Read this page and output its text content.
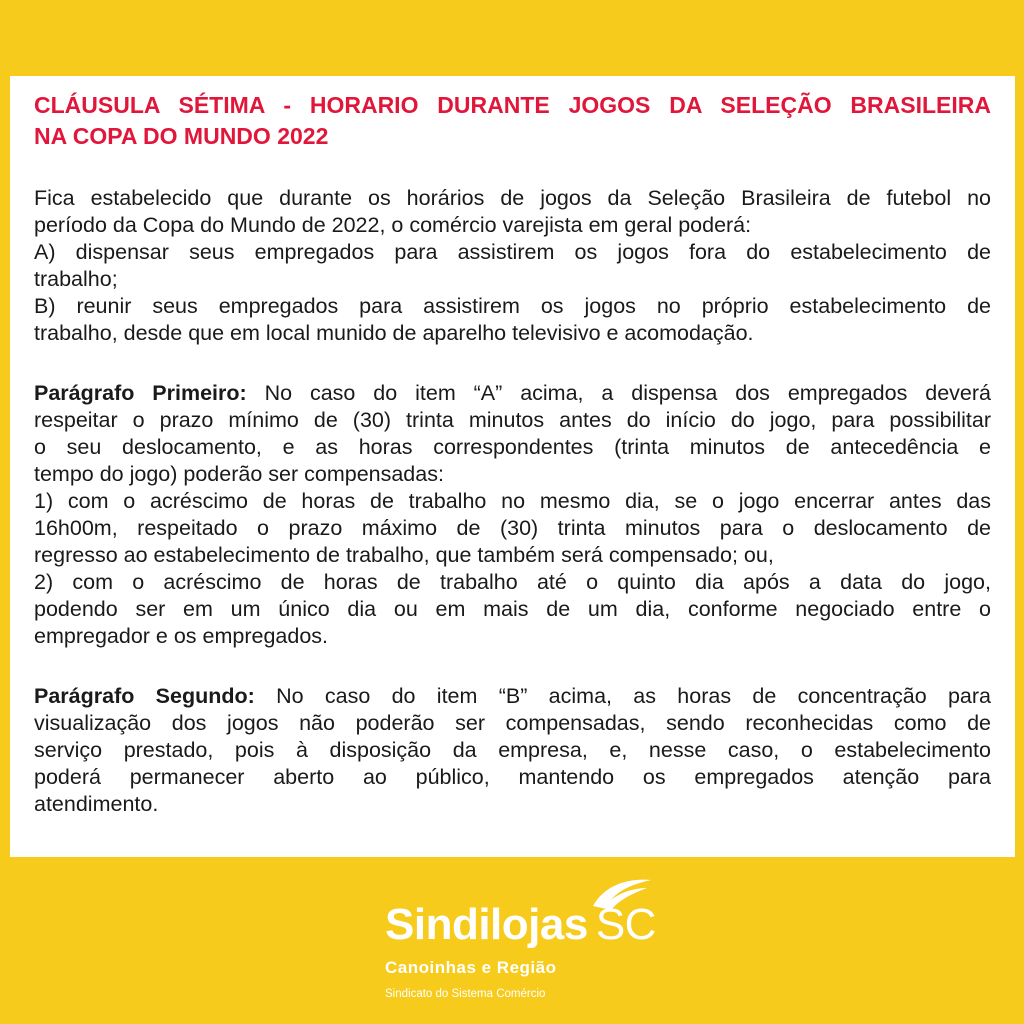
CLÁUSULA SÉTIMA - HORARIO DURANTE JOGOS DA SELEÇÃO BRASILEIRA
NA COPA DO MUNDO 2022
Fica estabelecido que durante os horários de jogos da Seleção Brasileira de futebol no
período da Copa do Mundo de 2022, o comércio varejista em geral poderá:
A) dispensar seus empregados para assistirem os jogos fora do estabelecimento de
trabalho;
B) reunir seus empregados para assistirem os jogos no próprio estabelecimento de
trabalho, desde que em local munido de aparelho televisivo e acomodação.
Parágrafo Primeiro: No caso do item “A” acima, a dispensa dos empregados deverá
respeitar o prazo mínimo de (30) trinta minutos antes do início do jogo, para possibilitar
o seu deslocamento, e as horas correspondentes (trinta minutos de antecedência e
tempo do jogo) poderão ser compensadas:
1) com o acréscimo de horas de trabalho no mesmo dia, se o jogo encerrar antes das
16h00m, respeitado o prazo máximo de (30) trinta minutos para o deslocamento de
regresso ao estabelecimento de trabalho, que também será compensado; ou,
2) com o acréscimo de horas de trabalho até o quinto dia após a data do jogo,
podendo ser em um único dia ou em mais de um dia, conforme negociado entre o
empregador e os empregados.
Parágrafo Segundo: No caso do item “B” acima, as horas de concentração para
visualização dos jogos não poderão ser compensadas, sendo reconhecidas como de
serviço prestado, pois à disposição da empresa, e, nesse caso, o estabelecimento
poderá permanecer aberto ao público, mantendo os empregados atenção para
atendimento.
Sindilojas SC
Canoinhas e Região
Sindicato do Sistema Comércio
